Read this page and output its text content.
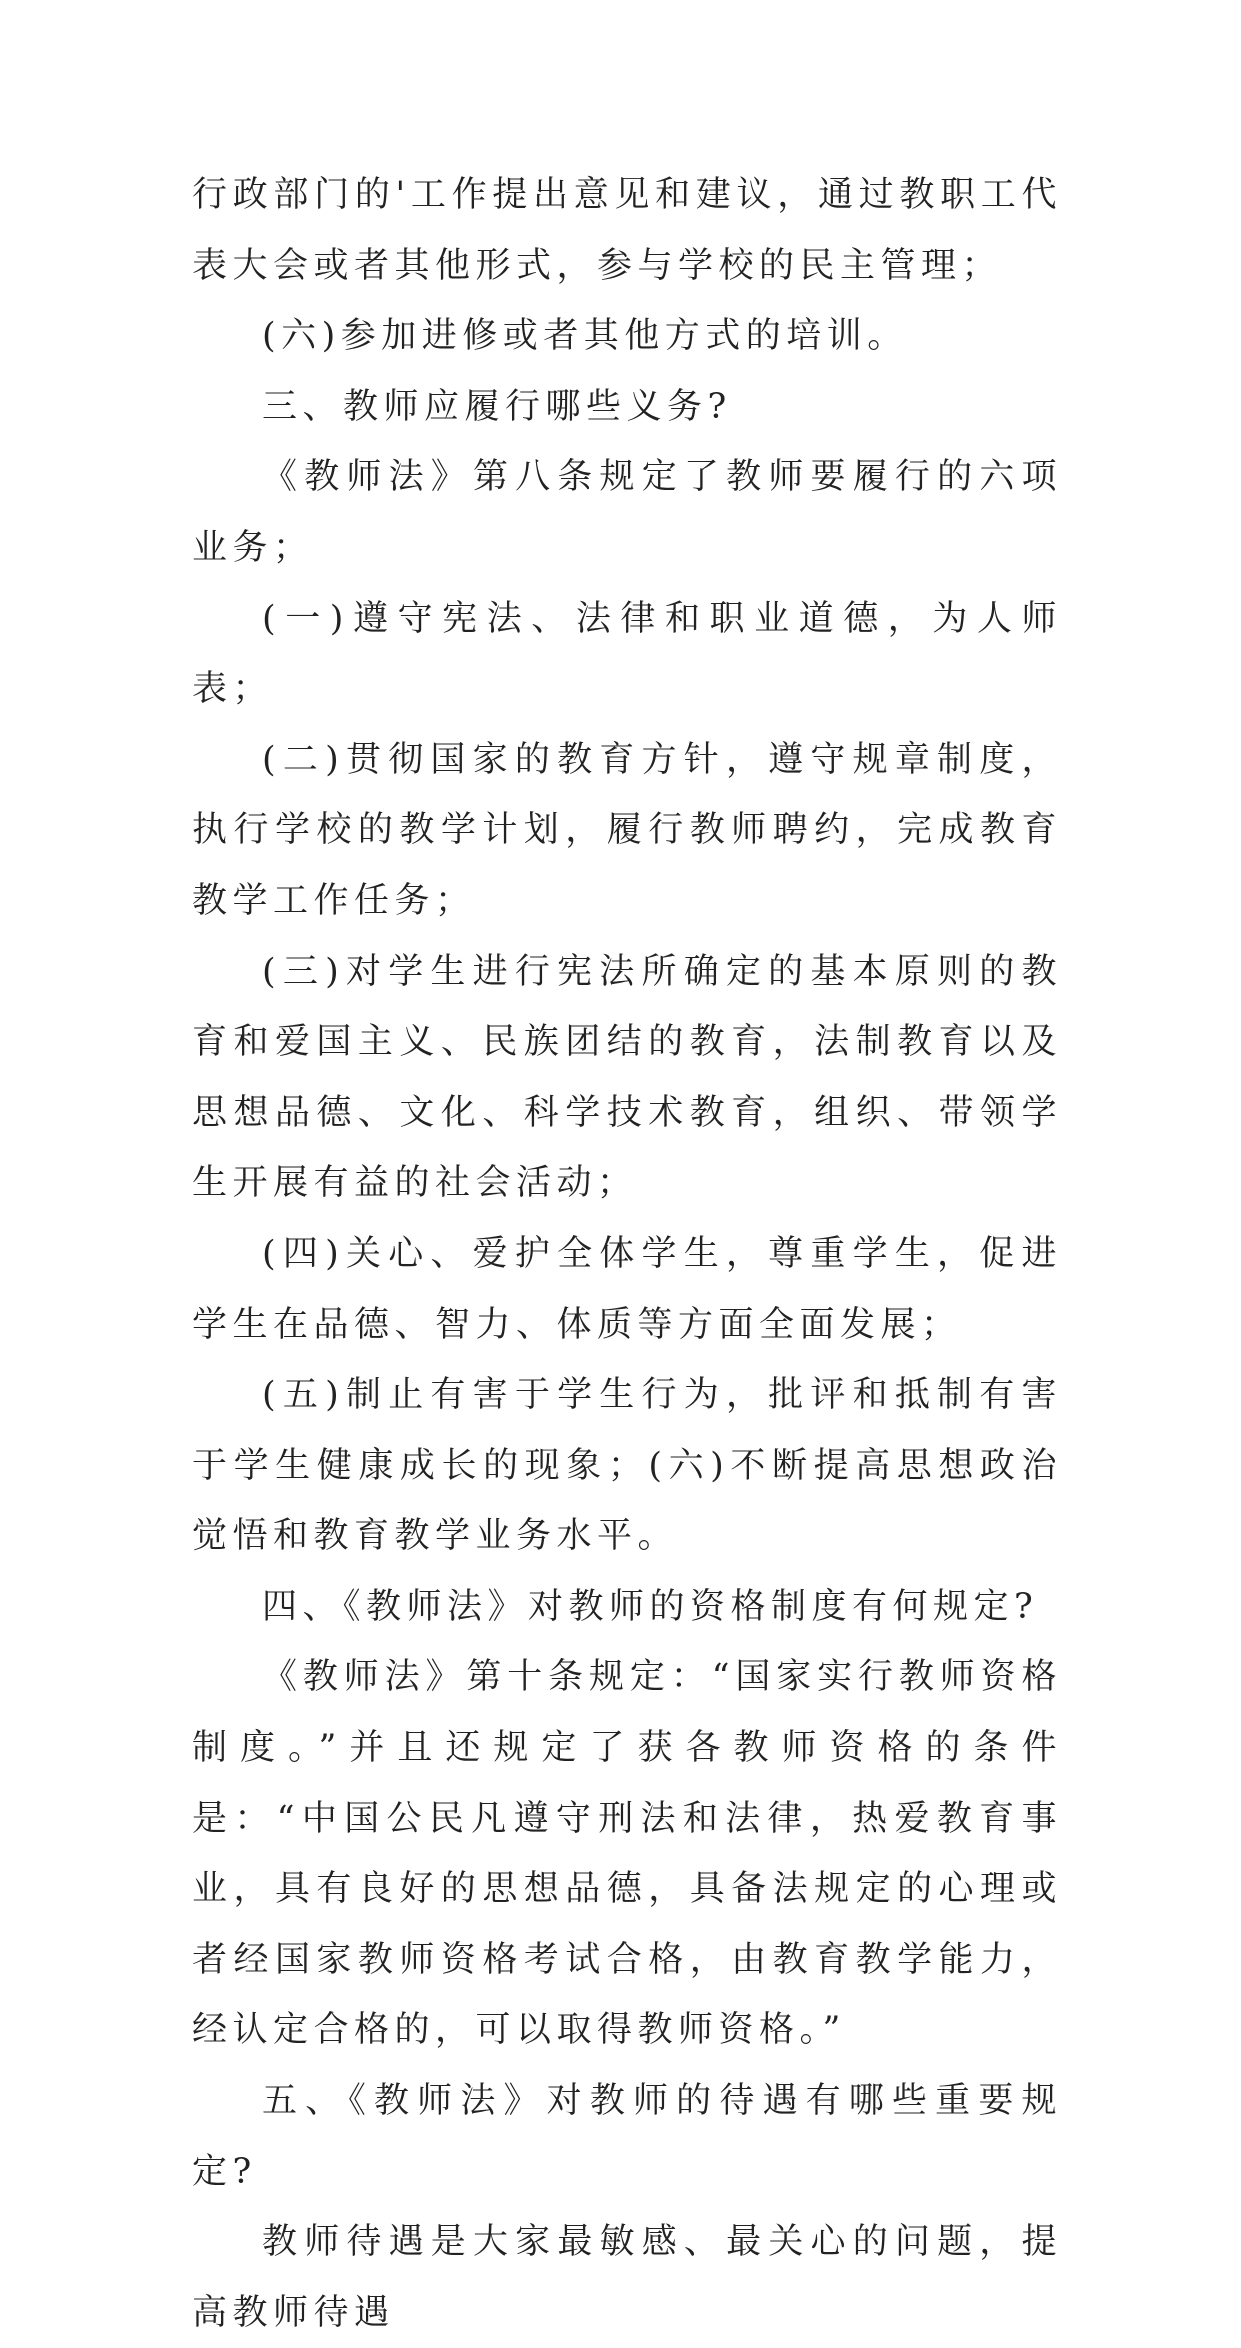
行政部门的'工作提出意见和建议，通过教职工代表大会或者其他形式，参与学校的民主管理；

(六)参加进修或者其他方式的培训。

三、教师应履行哪些义务?

《教师法》第八条规定了教师要履行的六项业务；

(一)遵守宪法、法律和职业道德，为人师表；

(二)贯彻国家的教育方针，遵守规章制度，执行学校的教学计划，履行教师聘约，完成教育教学工作任务；

(三)对学生进行宪法所确定的基本原则的教育和爱国主义、民族团结的教育，法制教育以及思想品德、文化、科学技术教育，组织、带领学生开展有益的社会活动；

(四)关心、爱护全体学生，尊重学生，促进学生在品德、智力、体质等方面全面发展；

(五)制止有害于学生行为，批评和抵制有害于学生健康成长的现象；(六)不断提高思想政治觉悟和教育教学业务水平。

四、《教师法》对教师的资格制度有何规定?

《教师法》第十条规定：“国家实行教师资格制度。”并且还规定了获各教师资格的条件是：“中国公民凡遵守刑法和法律，热爱教育事业，具有良好的思想品德，具备法规定的心理或者经国家教师资格考试合格，由教育教学能力，经认定合格的，可以取得教师资格。”

五、《教师法》对教师的待遇有哪些重要规定?

教师待遇是大家最敏感、最关心的问题，提高教师待遇
